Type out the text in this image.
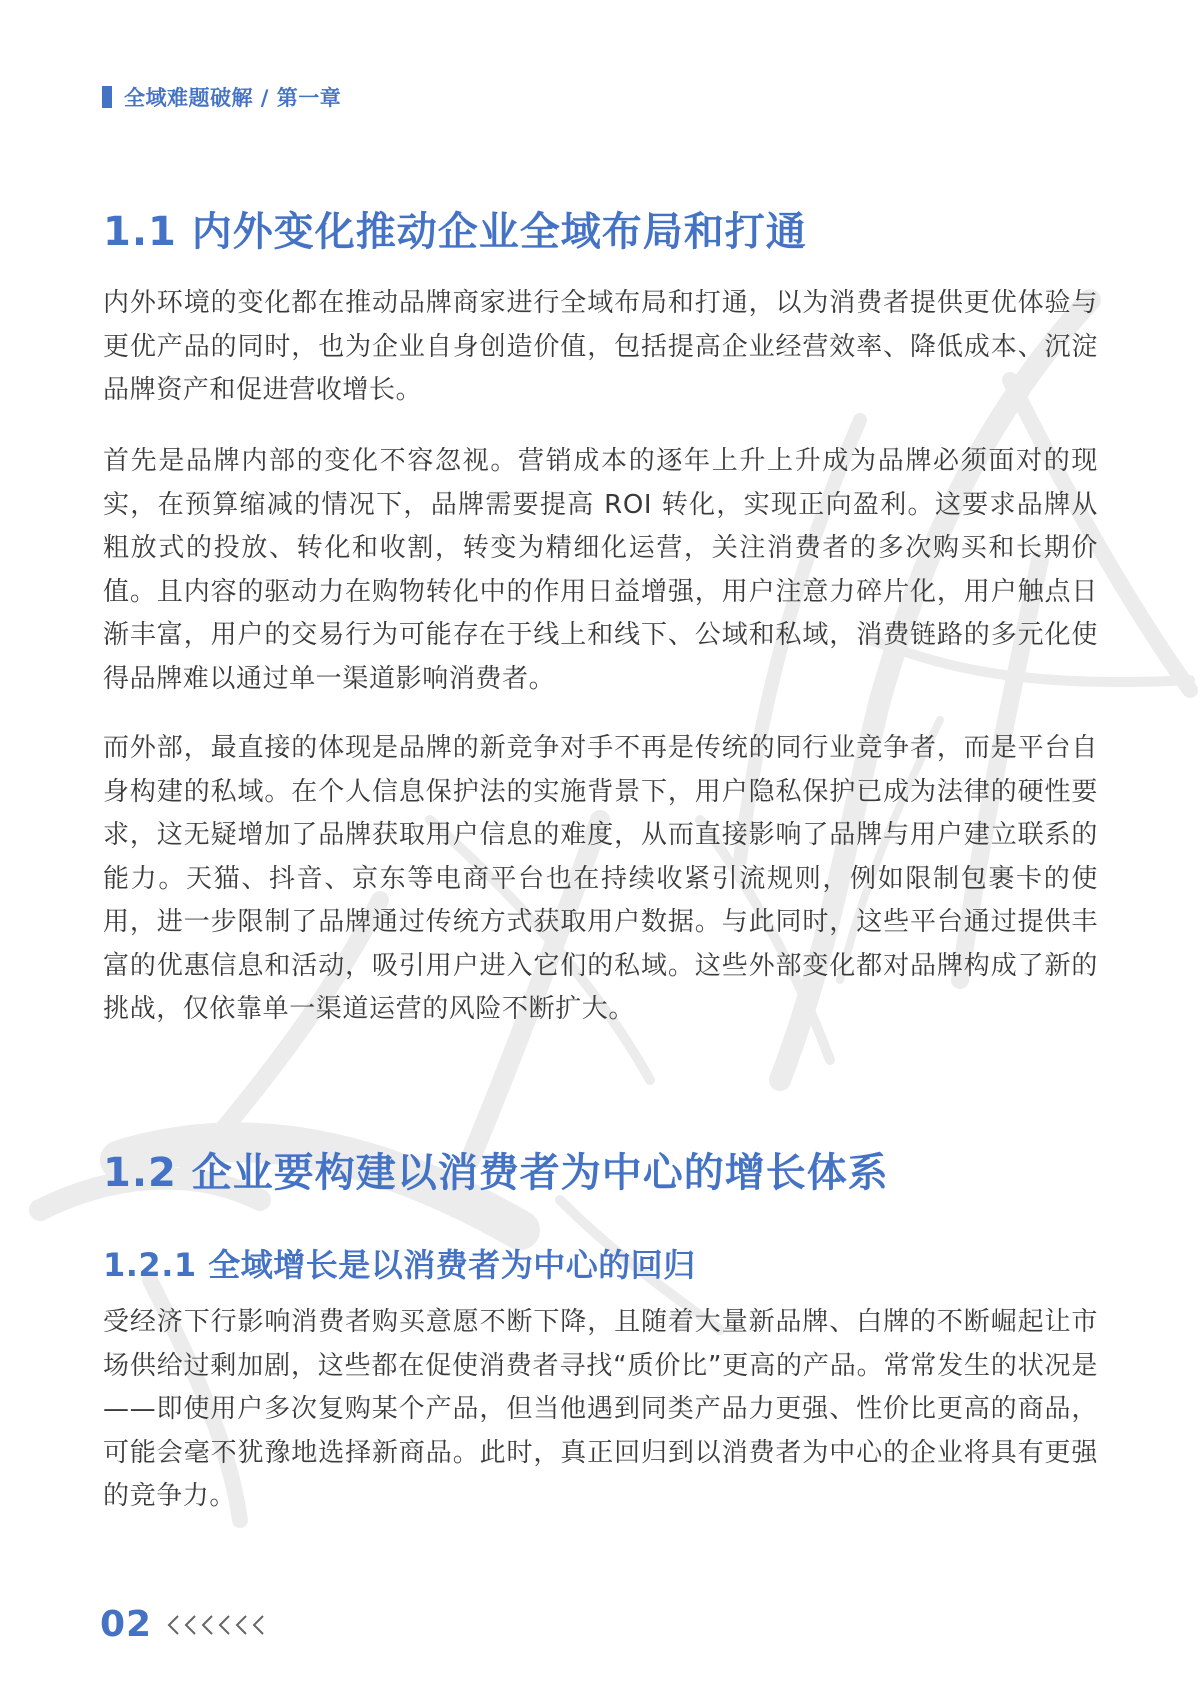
全域难题破解 / 第一章
1.1 内外变化推动企业全域布局和打通

内外环境的变化都在推动品牌商家进行全域布局和打通，以为消费者提供更优体验与更优产品的同时，也为企业自身创造价值，包括提高企业经营效率、降低成本、沉淀品牌资产和促进营收增长。

首先是品牌内部的变化不容忽视。营销成本的逐年上升上升成为品牌必须面对的现实，在预算缩减的情况下，品牌需要提高 ROI 转化，实现正向盈利。这要求品牌从粗放式的投放、转化和收割，转变为精细化运营，关注消费者的多次购买和长期价值。且内容的驱动力在购物转化中的作用日益增强，用户注意力碎片化，用户触点日渐丰富，用户的交易行为可能存在于线上和线下、公域和私域，消费链路的多元化使得品牌难以通过单一渠道影响消费者。

而外部，最直接的体现是品牌的新竞争对手不再是传统的同行业竞争者，而是平台自身构建的私域。在个人信息保护法的实施背景下，用户隐私保护已成为法律的硬性要求，这无疑增加了品牌获取用户信息的难度，从而直接影响了品牌与用户建立联系的能力。天猫、抖音、京东等电商平台也在持续收紧引流规则，例如限制包裹卡的使用，进一步限制了品牌通过传统方式获取用户数据。与此同时，这些平台通过提供丰富的优惠信息和活动，吸引用户进入它们的私域。这些外部变化都对品牌构成了新的挑战，仅依靠单一渠道运营的风险不断扩大。

1.2 企业要构建以消费者为中心的增长体系
1.2.1 全域增长是以消费者为中心的回归

受经济下行影响消费者购买意愿不断下降，且随着大量新品牌、白牌的不断崛起让市场供给过剩加剧，这些都在促使消费者寻找“质价比”更高的产品。常常发生的状况是——即使用户多次复购某个产品，但当他遇到同类产品力更强、性价比更高的商品，可能会毫不犹豫地选择新商品。此时，真正回归到以消费者为中心的企业将具有更强的竞争力。

02
